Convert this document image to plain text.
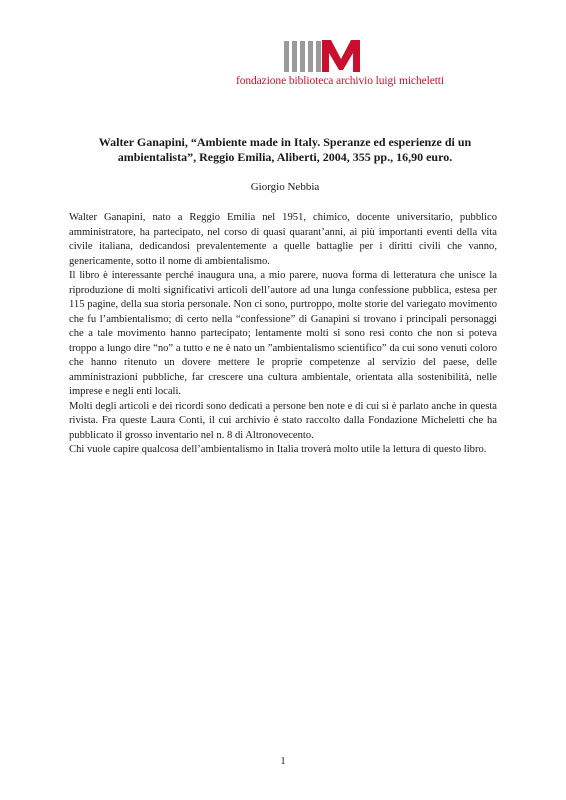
fondazione biblioteca archivio luigi micheletti
Walter Ganapini, “Ambiente made in Italy. Speranze ed esperienze di un ambientalista”, Reggio Emilia, Aliberti, 2004, 355 pp., 16,90 euro.
Giorgio Nebbia

Walter Ganapini, nato a Reggio Emilia nel 1951, chimico, docente universitario, pubblico amministratore, ha partecipato, nel corso di quasi quarant’anni, ai più importanti eventi della vita civile italiana, dedicandosi prevalentemente a quelle battaglie per i diritti civili che vanno, genericamente, sotto il nome di ambientalismo.

Il libro è interessante perché inaugura una, a mio parere, nuova forma di letteratura che unisce la riproduzione di molti significativi articoli dell’autore ad una lunga confessione pubblica, estesa per 115 pagine, della sua storia personale. Non ci sono, purtroppo, molte storie del variegato movimento che fu l’ambientalismo; di certo nella “confessione” di Ganapini si trovano i principali personaggi che a tale movimento hanno partecipato; lentamente molti si sono resi conto che non si poteva troppo a lungo dire “no” a tutto e ne è nato un ”ambientalismo scientifico” da cui sono venuti coloro che hanno ritenuto un dovere mettere le proprie competenze al servizio del paese, delle amministrazioni pubbliche, far crescere una cultura ambientale, orientata alla sostenibilità, nelle imprese e negli enti locali.

Molti degli articoli e dei ricordi sono dedicati a persone ben note e di cui si è parlato anche in questa rivista. Fra queste Laura Conti, il cui archivio è stato raccolto dalla Fondazione Micheletti che ha pubblicato il grosso inventario nel n. 8 di Altronovecento.

Chi vuole capire qualcosa dell’ambientalismo in Italia troverà molto utile la lettura di questo libro.

1
